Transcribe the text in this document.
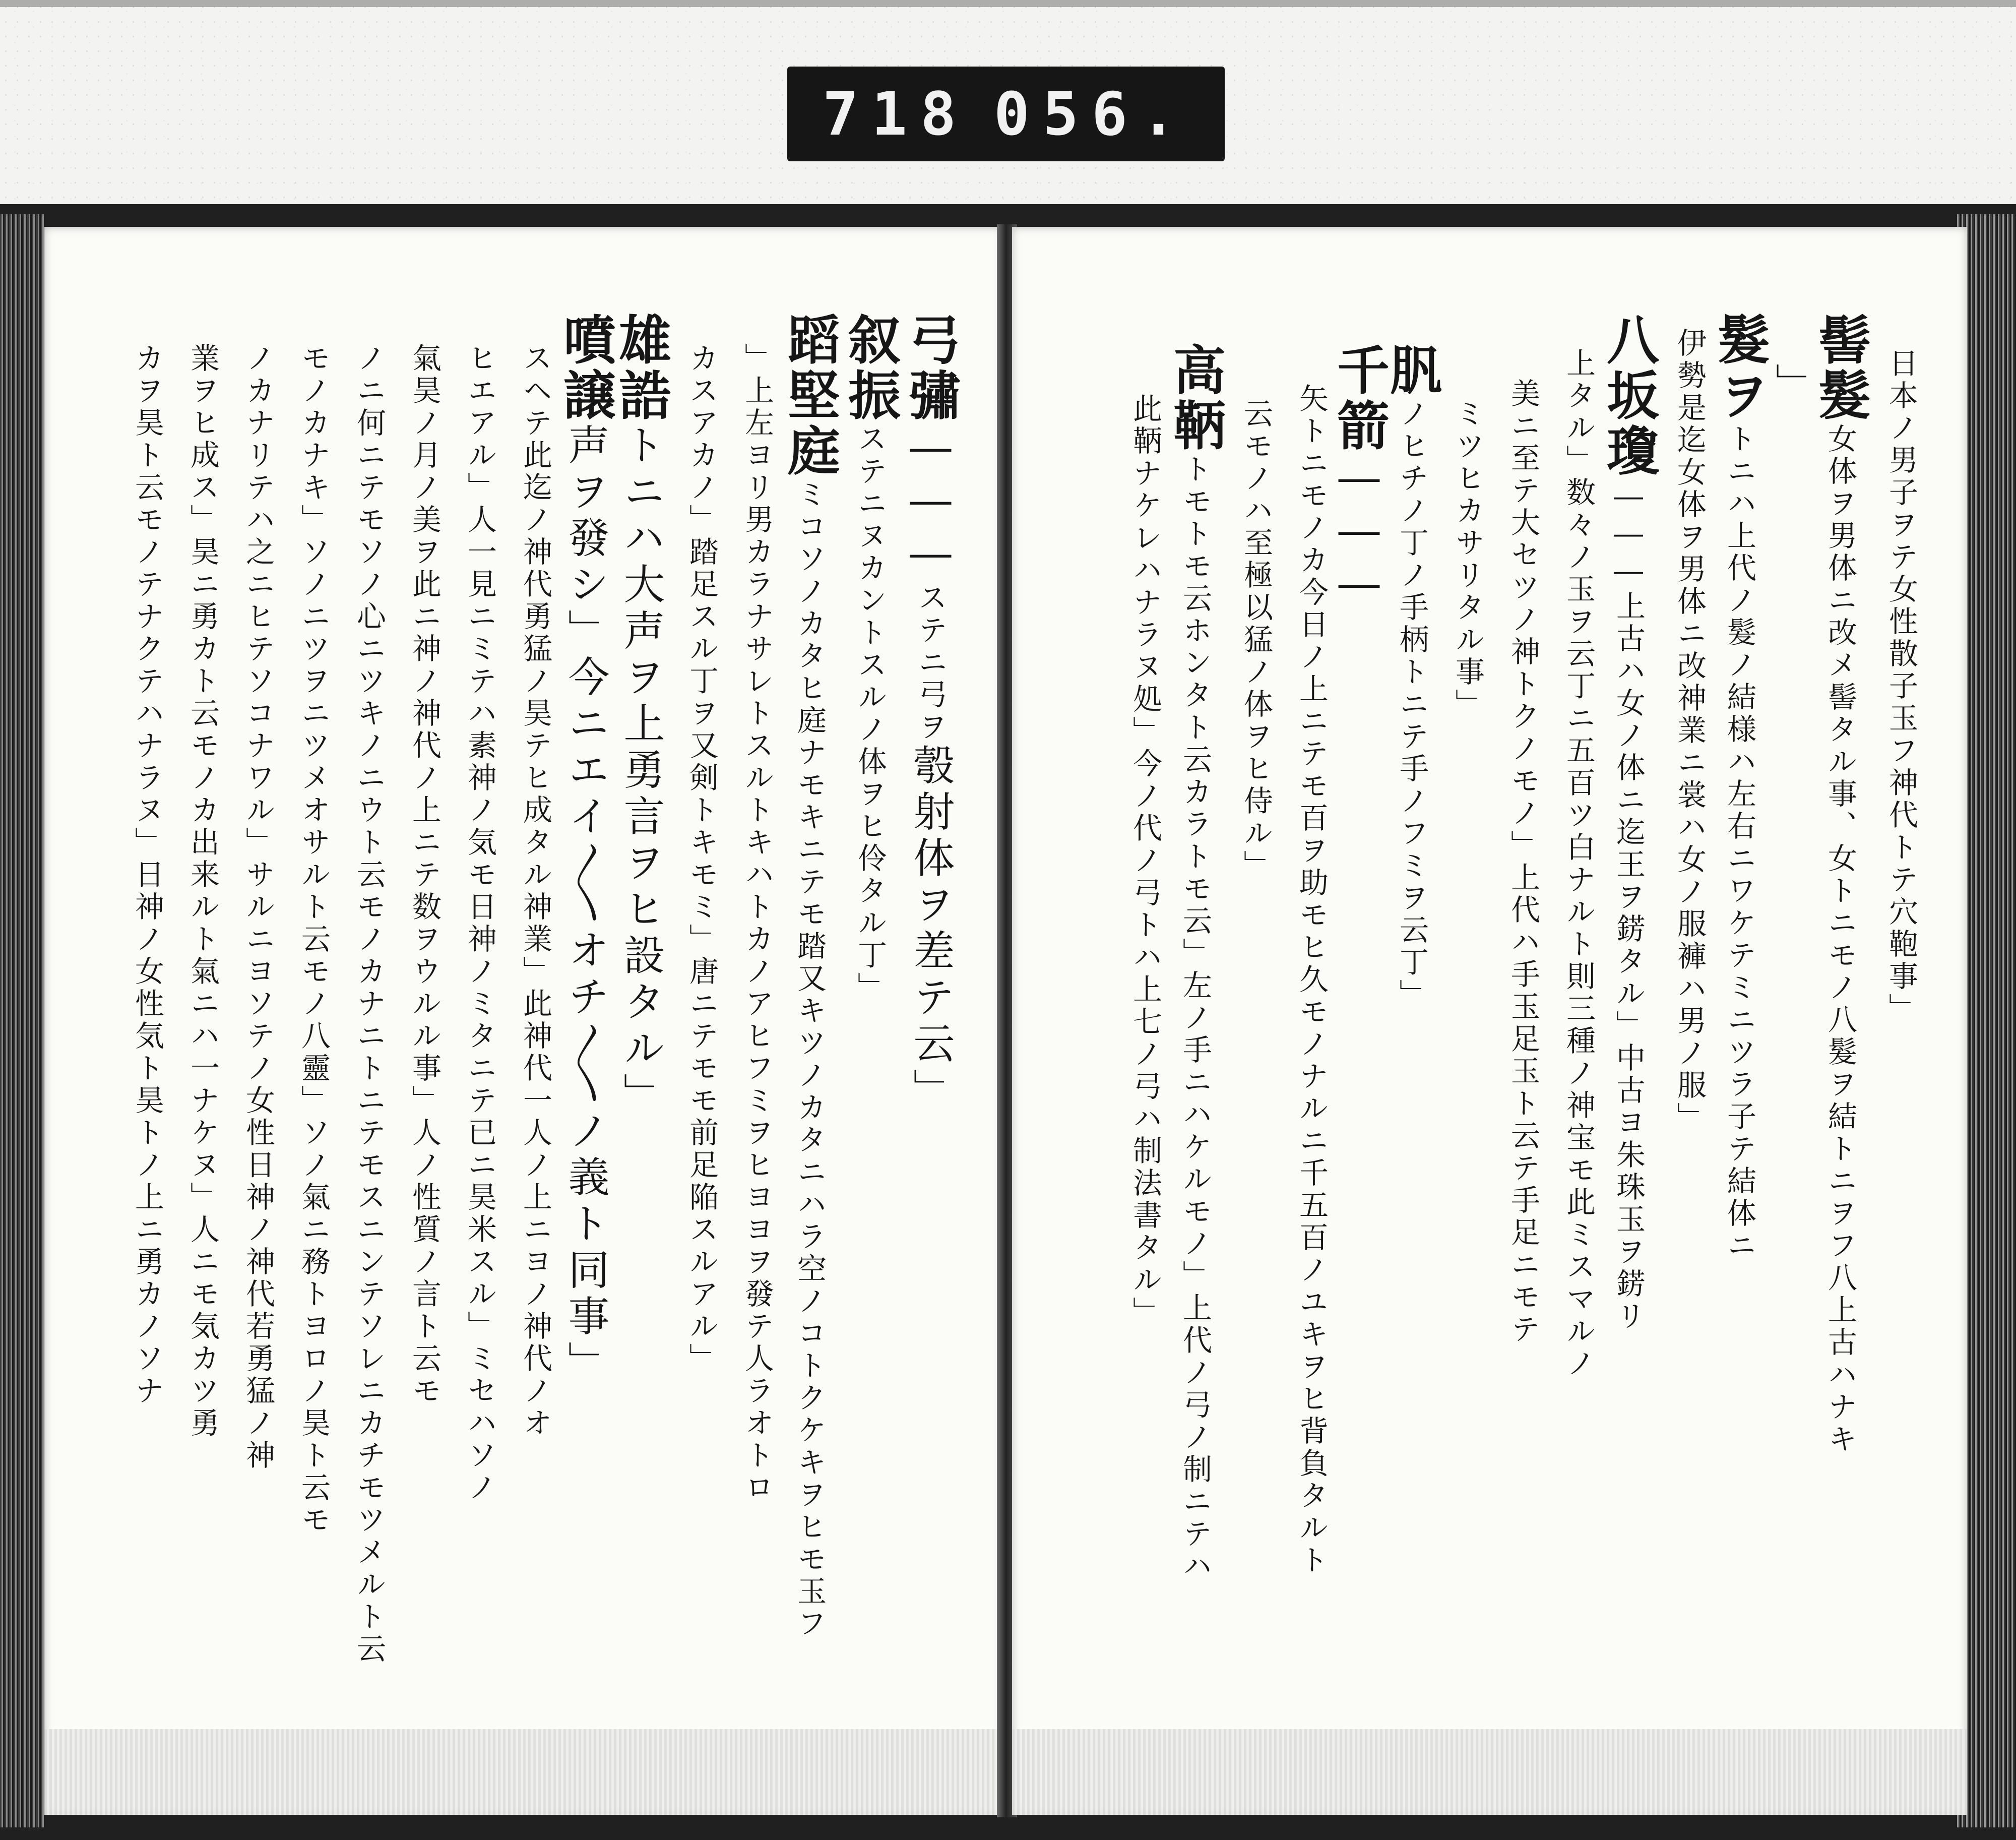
718 056.
弓彇―――ステニ弓ヲ彀射体ヲ差テ云」
叙振ステニヌカントスルノ体ヲヒ伶タル丁」
蹈堅庭ミコソノカタヒ庭ナモキニテモ踏又キツノカタニハラ空ノコトクケキヲヒモ玉フ
」上左ヨリ男カラナサレトスルトキハトカノアヒフミヲヒヨヨヲ發テ人ラオトロ
カスアカノ」踏足スル丁ヲ又剣トキモミ」唐ニテモモ前足陥スルアル」
雄誥トニハ大声ヲ上勇言ヲヒ設タル」
噴譲声ヲ發シ」今ニエイ〳〵オチ〳〵ノ義ト同事」
スヘテ此迄ノ神代勇猛ノ昊テヒ成タル神業」此神代一人ノ上ニヨノ神代ノオ
ヒエアル」人一見ニミテハ素神ノ気モ日神ノミタニテ已ニ昊米スル」ミセハソノ
氣昊ノ月ノ美ヲ此ニ神ノ神代ノ上ニテ数ヲウルル事」人ノ性質ノ言ト云モ
ノニ何ニテモソノ心ニツキノニウト云モノカナニトニテモスニンテソレニカチモツメルト云
モノカナキ」ソノニツヲニツメオサルト云モノ八靈」ソノ氣ニ務トヨロノ昊ト云モ
ノカナリテハ之ニヒテソコナワル」サルニヨソテノ女性日神ノ神代若勇猛ノ神
業ヲヒ成ス」昊ニ勇カト云モノカ出来ルト氣ニハ一ナケヌ」人ニモ気カツ勇
カヲ昊ト云モノテナクテハナラヌ」日神ノ女性気ト昊トノ上ニ勇カノソナ	日本ノ男子ヲテ女性散子玉フ神代トテ穴鞄事」
髻髮女体ヲ男体ニ改メ髻タル事、女トニモノ八髮ヲ結トニヲフ八上古ハナキ
」
髮ヲトニハ上代ノ髮ノ結様ハ左右ニワケテミニツラ子テ結体ニ
伊勢是迄女体ヲ男体ニ改神業ニ裳ハ女ノ服褲ハ男ノ服」
八坂瓊―――上古ハ女ノ体ニ迄王ヲ錺タル」中古ヨ朱珠玉ヲ錺リ
上タル」数々ノ玉ヲ云丁ニ五百ツ白ナルト則三種ノ神宝モ此ミスマルノ
美ニ至テ大セツノ神トクノモノ」上代ハ手玉足玉ト云テ手足ニモテ
ミツヒカサリタル事」
䏎ノヒチノ丁ノ手柄トニテ手ノフミヲ云丁」
千箭―――
矢トニモノカ今日ノ上ニテモ百ヲ助モヒ久モノナルニ千五百ノユキヲヒ背負タルト
云モノハ至極以猛ノ体ヲヒ侍ル」
高鞆トモトモ云ホンタト云カラトモ云」左ノ手ニハケルモノ」上代ノ弓ノ制ニテハ
此鞆ナケレハナラヌ処」今ノ代ノ弓トハ上七ノ弓ハ制法書タル」
